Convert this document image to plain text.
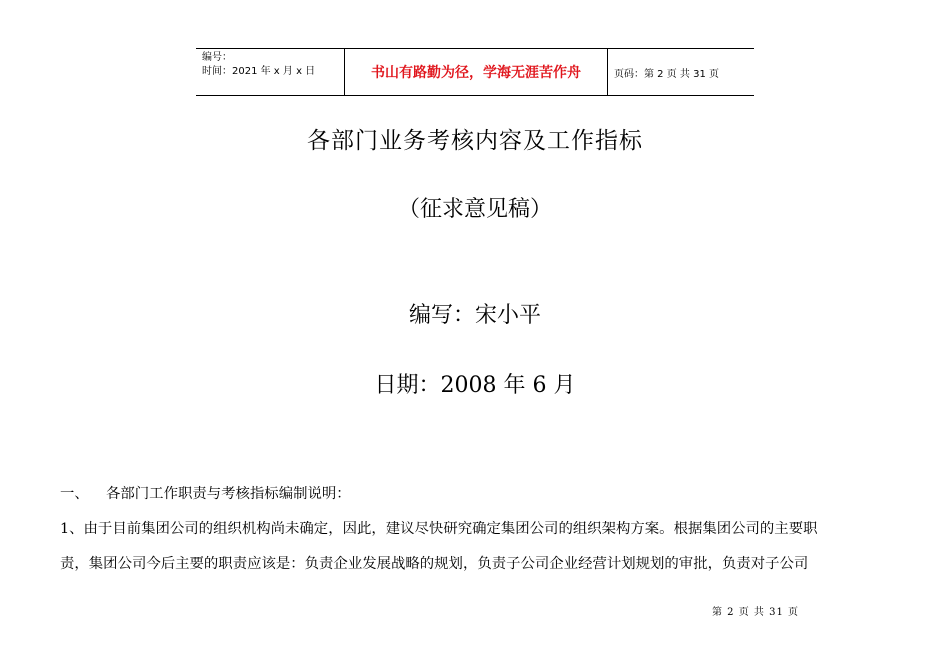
编号：
时间：2021 年 x 月 x 日	书山有路勤为径，学海无涯苦作舟	页码：第 2 页 共 31 页
各部门业务考核内容及工作指标
（征求意见稿）
编写：宋小平
日期：2008 年 6 月
一、 各部门工作职责与考核指标编制说明：
1、由于目前集团公司的组织机构尚未确定，因此，建议尽快研究确定集团公司的组织架构方案。根据集团公司的主要职
责，集团公司今后主要的职责应该是：负责企业发展战略的规划，负责子公司企业经营计划规划的审批，负责对子公司
第 2 页 共 31 页
